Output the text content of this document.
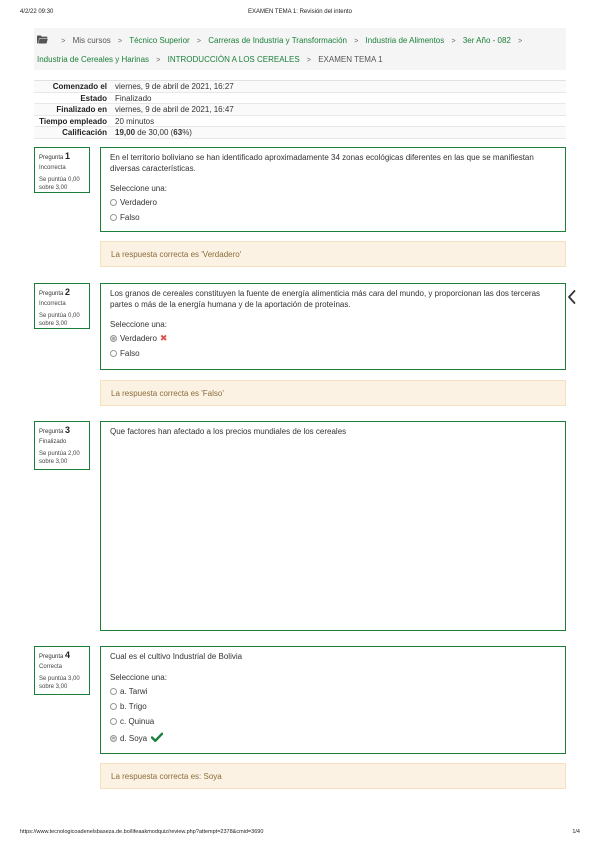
4/2/22 09:30	EXAMEN TEMA 1: Revisión del intento
> Mis cursos > Técnico Superior > Carreras de Industria y Transformación > Industria de Alimentos > 3er Año - 082 >
Industria de Cereales y Harinas > INTRODUCCIÓN A LOS CEREALES > EXAMEN TEMA 1
Comenzado el viernes, 9 de abril de 2021, 16:27
Estado Finalizado
Finalizado en viernes, 9 de abril de 2021, 16:47
Tiempo empleado 20 minutos
Calificación 19,00 de 30,00 (63%)
Pregunta 1
Incorrecta
Se puntúa 0,00 sobre 3,00
En el territorio boliviano se han identificado aproximadamente 34 zonas ecológicas diferentes en las que se manifiestan diversas características.
Seleccione una:
Verdadero
Falso
La respuesta correcta es 'Verdadero'
Pregunta 2
Incorrecta
Se puntúa 0,00 sobre 3,00
Los granos de cereales constituyen la fuente de energía alimenticia más cara del mundo, y proporcionan las dos terceras partes o más de la energía humana y de la aportación de proteínas.
Seleccione una:
Verdadero ✖
Falso
La respuesta correcta es 'Falso'
Pregunta 3
Finalizado
Se puntúa 2,00 sobre 3,00
Que factores han afectado a los precios mundiales de los cereales
Pregunta 4
Correcta
Se puntúa 3,00 sobre 3,00
Cual es el cultivo Industrial de Bolivia
Seleccione una:
a. Tarwi
b. Trigo
c. Quinua
d. Soya
La respuesta correcta es: Soya
https://www.tecnologicoadenelsbaseza.de.bo/lifeaakmodquiz/review.php?attempt=2378&cmid=3690	1/4
